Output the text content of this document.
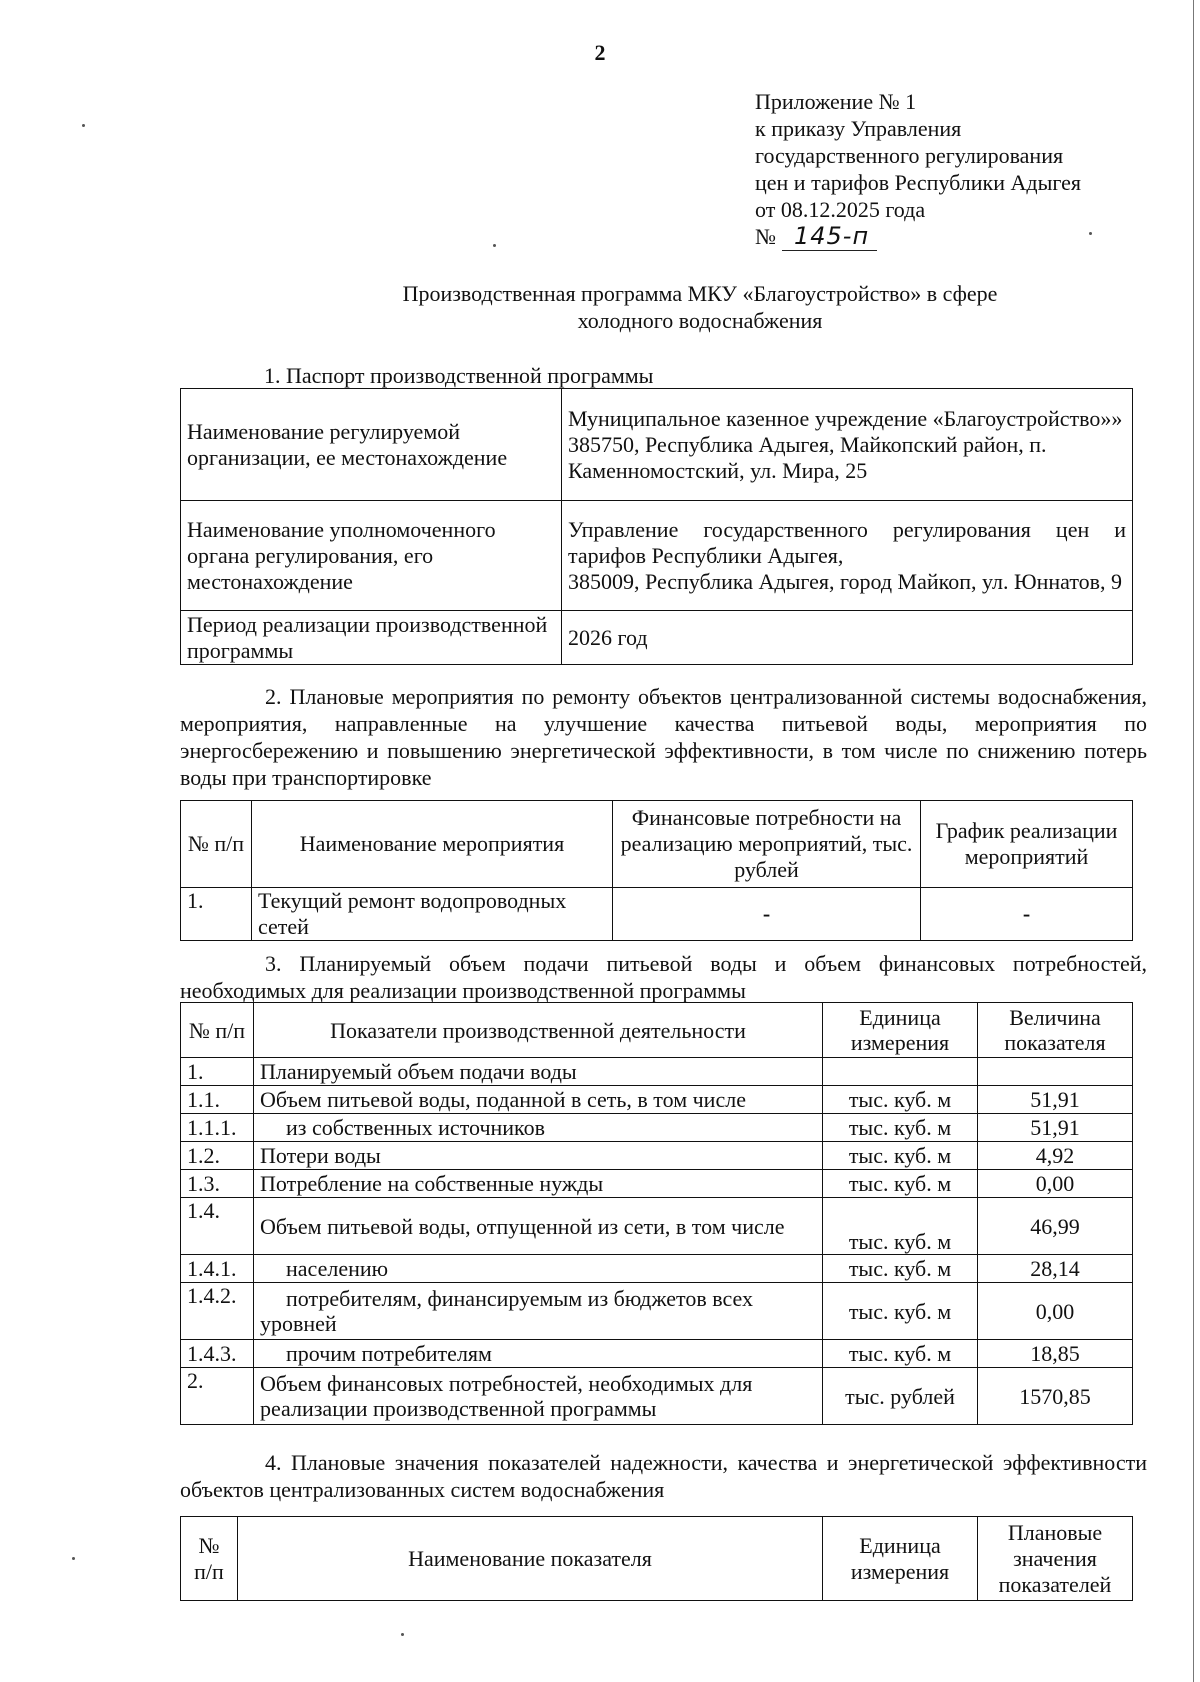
2
Приложение № 1
к приказу Управления
государственного регулирования
цен и тарифов Республики Адыгея
от 08.12.2025 года
№ 145-п
Производственная программа МКУ «Благоустройство» в сфере
холодного водоснабжения
1. Паспорт производственной программы
Наименование регулируемой организации, ее местонахождение	Муниципальное казенное учреждение «Благоустройство»»
385750, Республика Адыгея, Майкопский район, п. Каменномостский, ул. Мира, 25

Наименование уполномоченного органа регулирования, его местонахождение	Управление государственного регулирования цен и тарифов Республики Адыгея,
385009, Республика Адыгея, город Майкоп, ул. Юннатов, 9

Период реализации производственной программы	2026 год
2. Плановые мероприятия по ремонту объектов централизованной системы водоснабжения, мероприятия, направленные на улучшение качества питьевой воды, мероприятия по энергосбережению и повышению энергетической эффективности, в том числе по снижению потерь воды при транспортировке
№ п/п	Наименование мероприятия	Финансовые потребности на реализацию мероприятий, тыс. рублей	График реализации мероприятий
1.	Текущий ремонт водопроводных сетей	-	-
3. Планируемый объем подачи питьевой воды и объем финансовых потребностей, необходимых для реализации производственной программы
№ п/п	Показатели производственной деятельности	Единица измерения	Величина показателя
1.	Планируемый объем подачи воды		
1.1.	Объем питьевой воды, поданной в сеть, в том числе	тыс. куб. м	51,91
1.1.1.	из собственных источников	тыс. куб. м	51,91
1.2.	Потери воды	тыс. куб. м	4,92
1.3.	Потребление на собственные нужды	тыс. куб. м	0,00
1.4.	Объем питьевой воды, отпущенной из сети, в том числе	тыс. куб. м	46,99
1.4.1.	населению	тыс. куб. м	28,14
1.4.2.	потребителям, финансируемым из бюджетов всех уровней	тыс. куб. м	0,00
1.4.3.	прочим потребителям	тыс. куб. м	18,85
2.	Объем финансовых потребностей, необходимых для реализации производственной программы	тыс. рублей	1570,85
4. Плановые значения показателей надежности, качества и энергетической эффективности объектов централизованных систем водоснабжения
№ п/п	Наименование показателя	Единица измерения	Плановые значения показателей
